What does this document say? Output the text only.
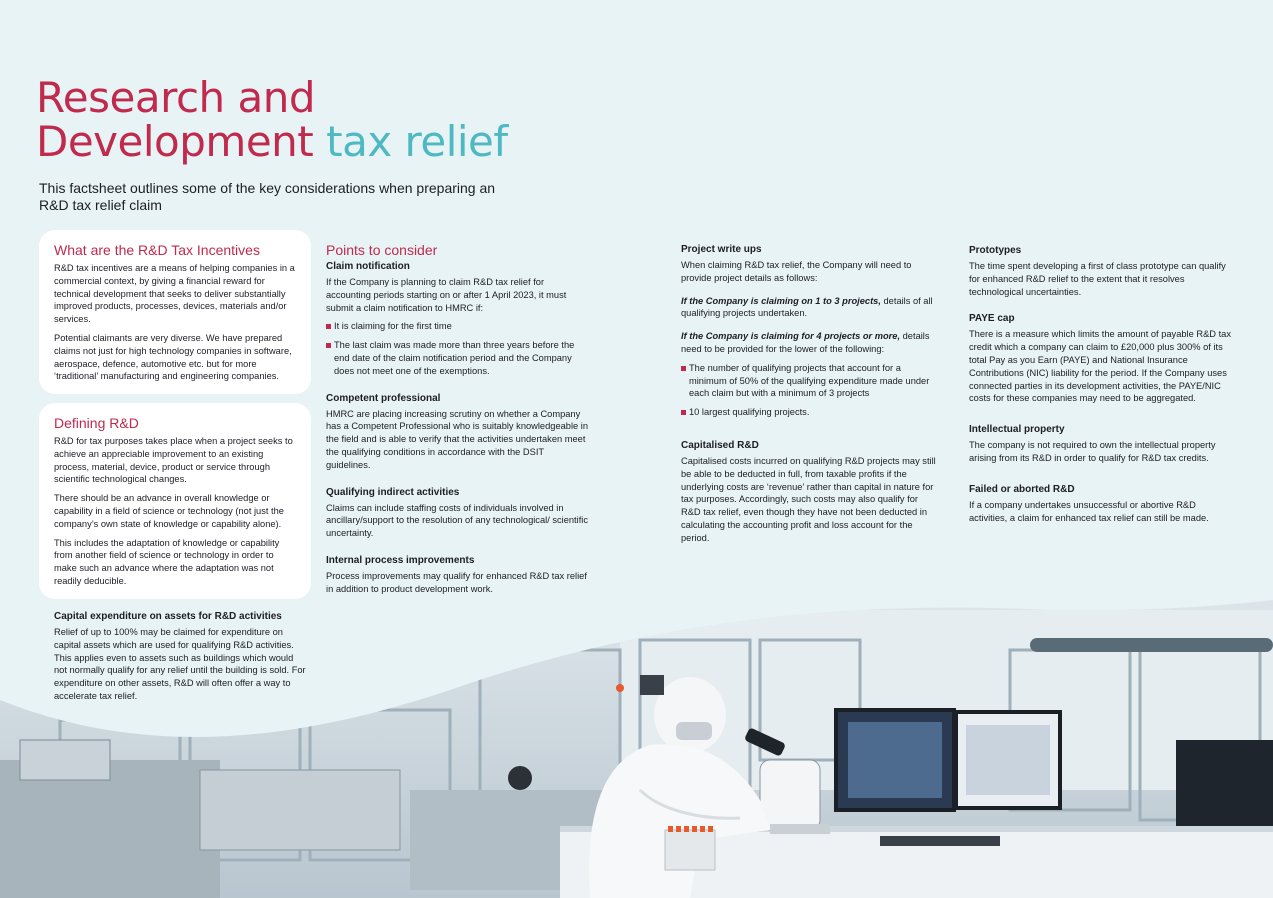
Research and
Development tax relief

This factsheet outlines some of the key considerations when preparing an R&D tax relief claim

What are the R&D Tax Incentives

R&D tax incentives are a means of helping companies in a commercial context, by giving a financial reward for technical development that seeks to deliver substantially improved products, processes, devices, materials and/or services.

Potential claimants are very diverse. We have prepared claims not just for high technology companies in software, aerospace, defence, automotive etc. but for more ‘traditional’ manufacturing and engineering companies.

Defining R&D

R&D for tax purposes takes place when a project seeks to achieve an appreciable improvement to an existing process, material, device, product or service through scientific technological changes.

There should be an advance in overall knowledge or capability in a field of science or technology (not just the company’s own state of knowledge or capability alone).

This includes the adaptation of knowledge or capability from another field of science or technology in order to make such an advance where the adaptation was not readily deducible.

Capital expenditure on assets for R&D activities

Relief of up to 100% may be claimed for expenditure on capital assets which are used for qualifying R&D activities. This applies even to assets such as buildings which would not normally qualify for any relief until the building is sold. For expenditure on other assets, R&D will often offer a way to accelerate tax relief.

Points to consider
Claim notification

If the Company is planning to claim R&D tax relief for accounting periods starting on or after 1 April 2023, it must submit a claim notification to HMRC if:

It is claiming for the first time

The last claim was made more than three years before the end date of the claim notification period and the Company does not meet one of the exemptions.

Competent professional

HMRC are placing increasing scrutiny on whether a Company has a Competent Professional who is suitably knowledgeable in the field and is able to verify that the activities undertaken meet the qualifying conditions in accordance with the DSIT guidelines.

Qualifying indirect activities

Claims can include staffing costs of individuals involved in ancillary/support to the resolution of any technological/ scientific uncertainty.

Internal process improvements

Process improvements may qualify for enhanced R&D tax relief in addition to product development work.

Project write ups

When claiming R&D tax relief, the Company will need to provide project details as follows:

If the Company is claiming on 1 to 3 projects, details of all qualifying projects undertaken.

If the Company is claiming for 4 projects or more, details need to be provided for the lower of the following:

The number of qualifying projects that account for a minimum of 50% of the qualifying expenditure made under each claim but with a minimum of 3 projects

10 largest qualifying projects.

Capitalised R&D

Capitalised costs incurred on qualifying R&D projects may still be able to be deducted in full, from taxable profits if the underlying costs are ‘revenue’ rather than capital in nature for tax purposes. Accordingly, such costs may also qualify for R&D tax relief, even though they have not been deducted in calculating the accounting profit and loss account for the period.

Prototypes

The time spent developing a first of class prototype can qualify for enhanced R&D relief to the extent that it resolves technological uncertainties.

PAYE cap

There is a measure which limits the amount of payable R&D tax credit which a company can claim to £20,000 plus 300% of its total Pay as you Earn (PAYE) and National Insurance Contributions (NIC) liability for the period. If the Company uses connected parties in its development activities, the PAYE/NIC costs for these companies may need to be aggregated.

Intellectual property

The company is not required to own the intellectual property arising from its R&D in order to qualify for R&D tax credits.

Failed or aborted R&D

If a company undertakes unsuccessful or abortive R&D activities, a claim for enhanced tax relief can still be made.
